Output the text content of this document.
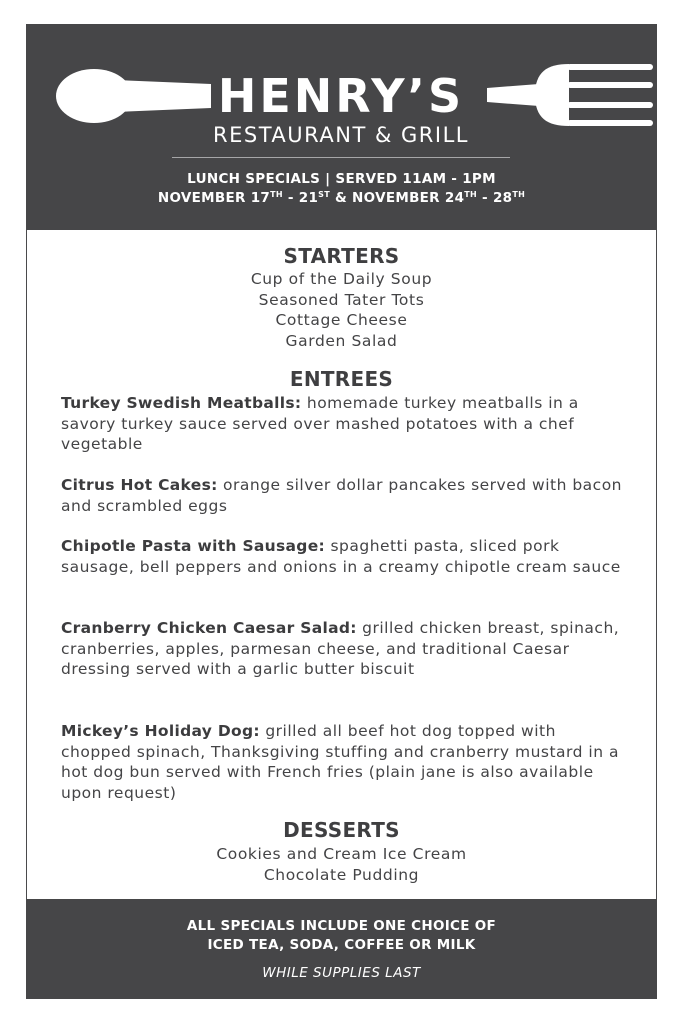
HENRY’S
RESTAURANT & GRILL
LUNCH SPECIALS | SERVED 11AM - 1PM
NOVEMBER 17TH - 21ST & NOVEMBER 24TH - 28TH
STARTERS
Cup of the Daily Soup
Seasoned Tater Tots
Cottage Cheese
Garden Salad
ENTREES
Turkey Swedish Meatballs: homemade turkey meatballs in a savory turkey sauce served over mashed potatoes with a chef vegetable
Citrus Hot Cakes: orange silver dollar pancakes served with bacon and scrambled eggs
Chipotle Pasta with Sausage: spaghetti pasta, sliced pork sausage, bell peppers and onions in a creamy chipotle cream sauce
Cranberry Chicken Caesar Salad: grilled chicken breast, spinach, cranberries, apples, parmesan cheese, and traditional Caesar dressing served with a garlic butter biscuit
Mickey’s Holiday Dog: grilled all beef hot dog topped with chopped spinach, Thanksgiving stuffing and cranberry mustard in a hot dog bun served with French fries (plain jane is also available upon request)
DESSERTS
Cookies and Cream Ice Cream
Chocolate Pudding
ALL SPECIALS INCLUDE ONE CHOICE OF
ICED TEA, SODA, COFFEE OR MILK
WHILE SUPPLIES LAST
